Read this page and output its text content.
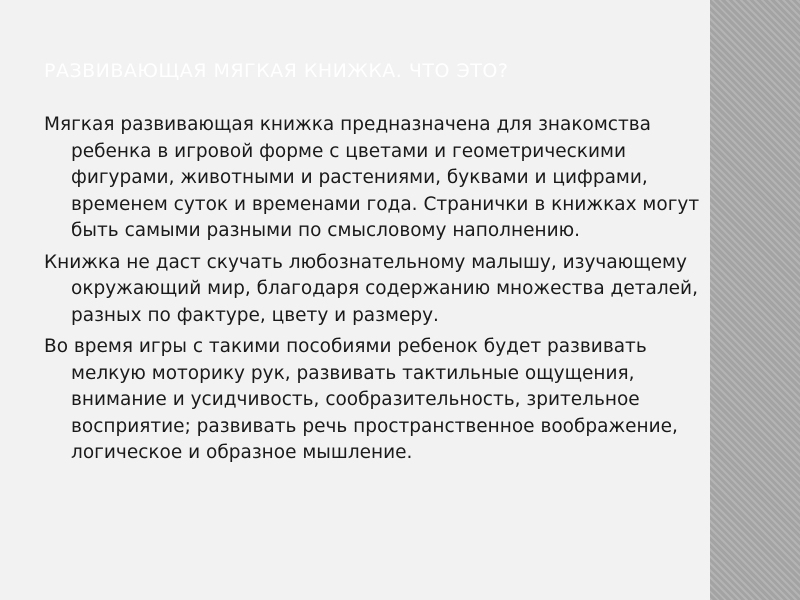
РАЗВИВАЮЩАЯ МЯГКАЯ КНИЖКА. ЧТО ЭТО?
Мягкая развивающая книжка предназначена для знакомства ребенка в игровой форме с цветами и геометрическими фигурами, животными и растениями, буквами и цифрами, временем суток и временами года. Странички в книжках могут быть самыми разными по смысловому наполнению.
Книжка не даст скучать любознательному малышу, изучающему окружающий мир, благодаря содержанию множества деталей, разных по фактуре, цвету и размеру.
Во время игры с такими пособиями ребенок будет развивать мелкую моторику рук, развивать тактильные ощущения, внимание и усидчивость, сообразительность, зрительное восприятие; развивать речь пространственное воображение, логическое и образное мышление.
